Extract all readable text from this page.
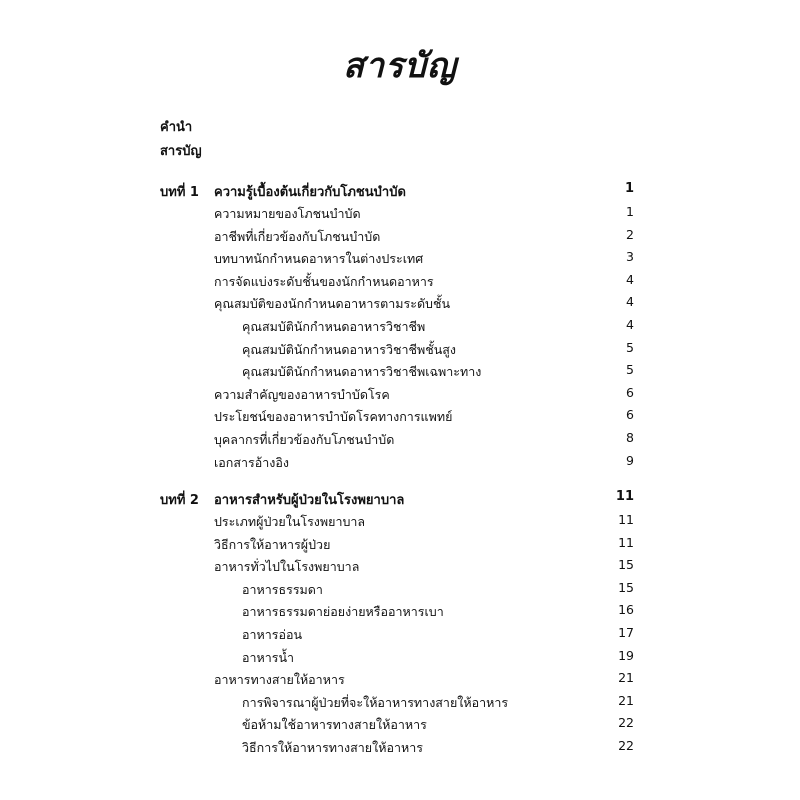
สารบัญ
คำนำ
สารบัญ
บทที่ 1 ความรู้เบื้องต้นเกี่ยวกับโภชนบำบัด	1
ความหมายของโภชนบำบัด	1
อาชีพที่เกี่ยวข้องกับโภชนบำบัด	2
บทบาทนักกำหนดอาหารในต่างประเทศ	3
การจัดแบ่งระดับชั้นของนักกำหนดอาหาร	4
คุณสมบัติของนักกำหนดอาหารตามระดับชั้น	4
คุณสมบัตินักกำหนดอาหารวิชาชีพ	4
คุณสมบัตินักกำหนดอาหารวิชาชีพชั้นสูง	5
คุณสมบัตินักกำหนดอาหารวิชาชีพเฉพาะทาง	5
ความสำคัญของอาหารบำบัดโรค	6
ประโยชน์ของอาหารบำบัดโรคทางการแพทย์	6
บุคลากรที่เกี่ยวข้องกับโภชนบำบัด	8
เอกสารอ้างอิง	9
บทที่ 2 อาหารสำหรับผู้ป่วยในโรงพยาบาล	11
ประเภทผู้ป่วยในโรงพยาบาล	11
วิธีการให้อาหารผู้ป่วย	11
อาหารทั่วไปในโรงพยาบาล	15
อาหารธรรมดา	15
อาหารธรรมดาย่อยง่ายหรืออาหารเบา	16
อาหารอ่อน	17
อาหารน้ำ	19
อาหารทางสายให้อาหาร	21
การพิจารณาผู้ป่วยที่จะให้อาหารทางสายให้อาหาร	21
ข้อห้ามใช้อาหารทางสายให้อาหาร	22
วิธีการให้อาหารทางสายให้อาหาร	22
